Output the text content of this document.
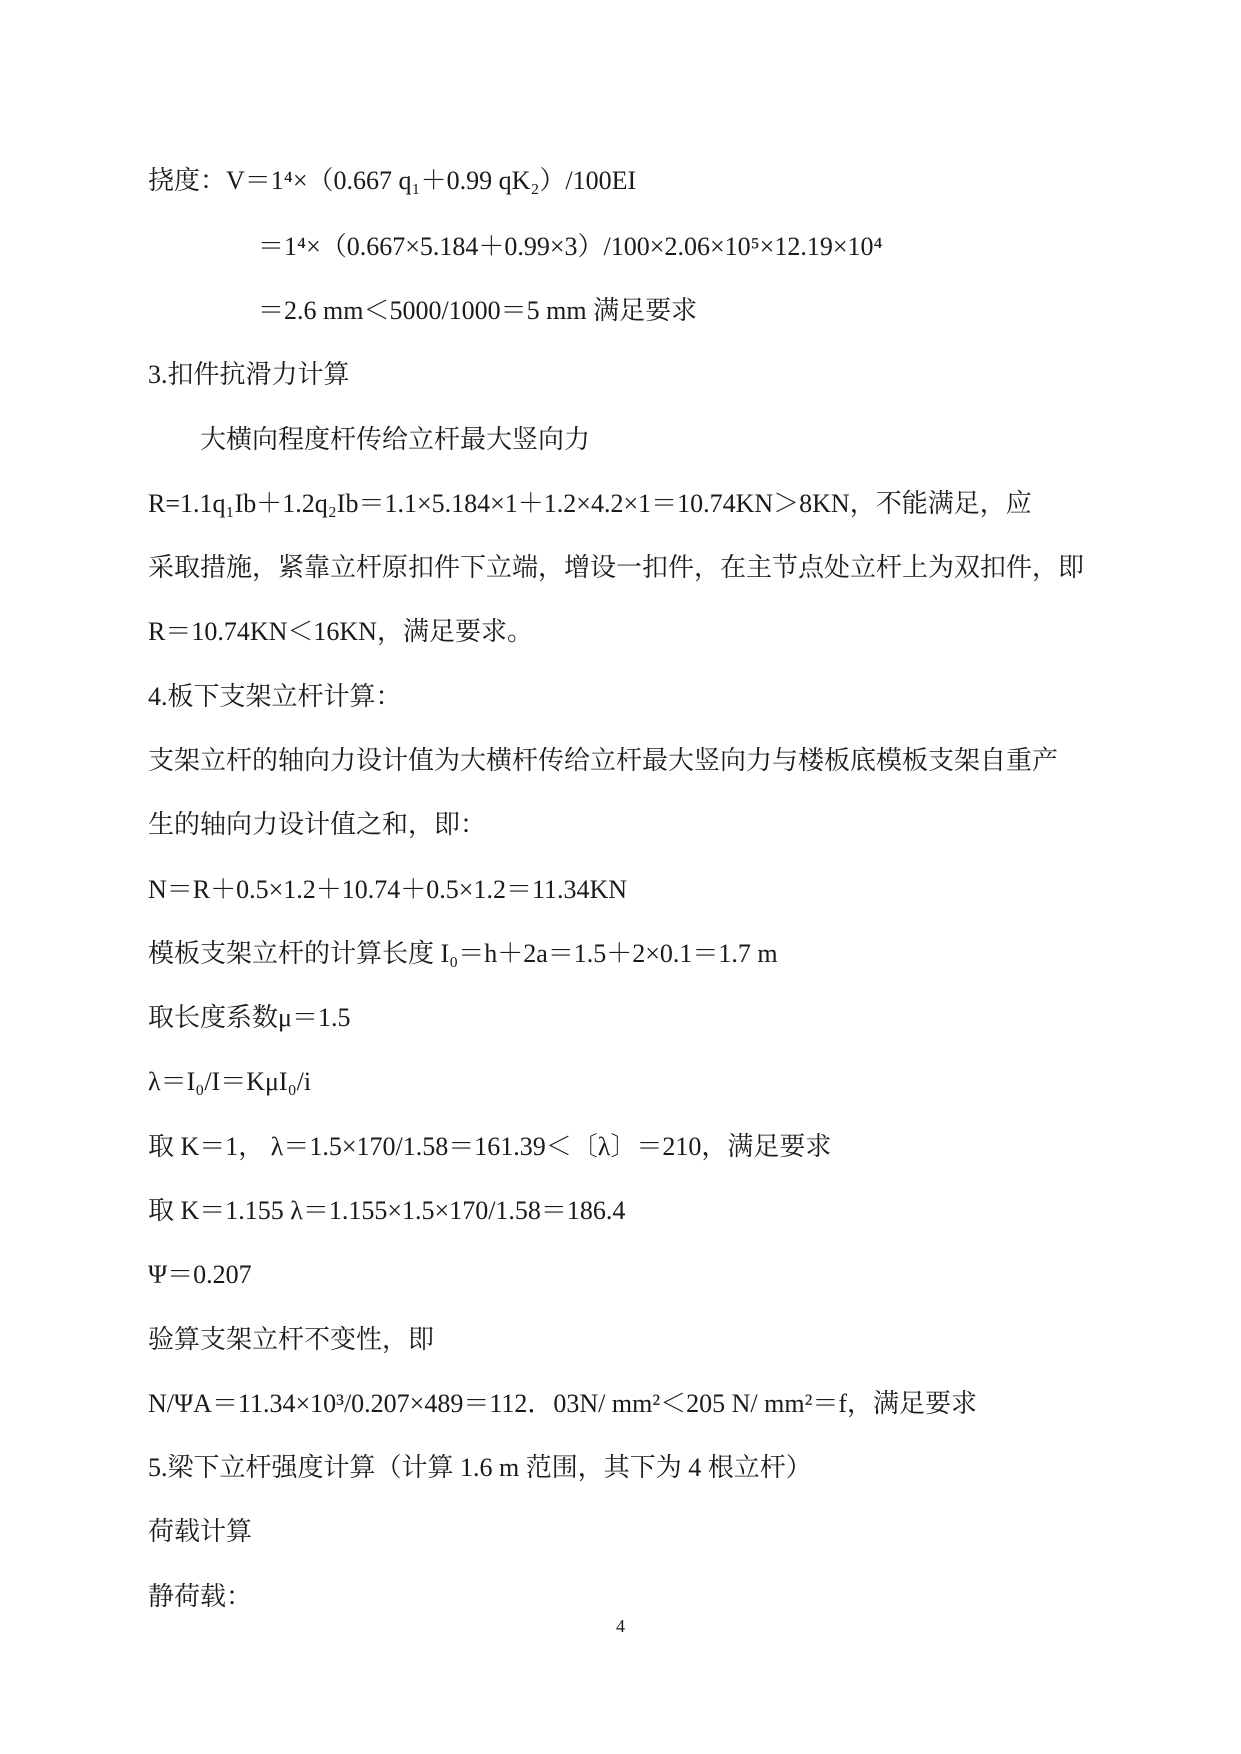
挠度：V＝1⁴×（0.667 q₁＋0.99 qK₂）/100EI
＝1⁴×（0.667×5.184＋0.99×3）/100×2.06×10⁵×12.19×10⁴
＝2.6 mm＜5000/1000＝5 mm 满足要求
3.扣件抗滑力计算
大横向程度杆传给立杆最大竖向力
R=1.1q₁Ib＋1.2q₂Ib＝1.1×5.184×1＋1.2×4.2×1＝10.74KN＞8KN，不能满足，应
采取措施，紧靠立杆原扣件下立端，增设一扣件，在主节点处立杆上为双扣件，即
R＝10.74KN＜16KN，满足要求。
4.板下支架立杆计算：
支架立杆的轴向力设计值为大横杆传给立杆最大竖向力与楼板底模板支架自重产
生的轴向力设计值之和，即：
N＝R＋0.5×1.2＋10.74＋0.5×1.2＝11.34KN
模板支架立杆的计算长度 I₀＝h＋2a＝1.5＋2×0.1＝1.7 m
取长度系数μ＝1.5
λ＝I₀/I＝KμI₀/i
取 K＝1， λ＝1.5×170/1.58＝161.39＜〔λ〕＝210，满足要求
取 K＝1.155 λ＝1.155×1.5×170/1.58＝186.4
Ψ＝0.207
验算支架立杆不变性，即
N/ΨA＝11.34×10³/0.207×489＝112．03N/ mm²＜205 N/ mm²＝f，满足要求
5.梁下立杆强度计算（计算 1.6 m 范围，其下为 4 根立杆）
荷载计算
静荷载：
4
